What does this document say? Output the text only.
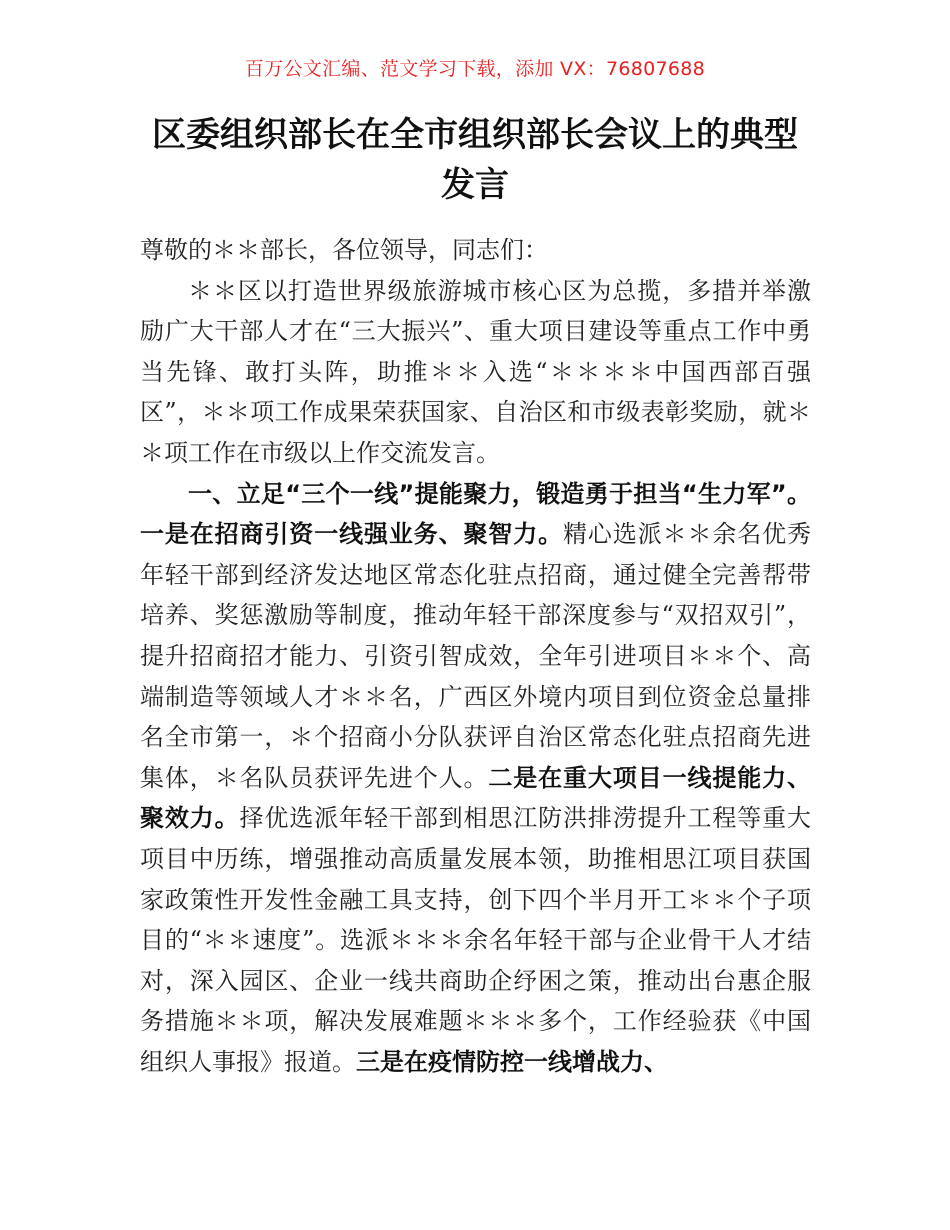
百万公文汇编、范文学习下载，添加 VX：76807688
区委组织部长在全市组织部长会议上的典型发言

尊敬的＊＊部长，各位领导，同志们：

＊＊区以打造世界级旅游城市核心区为总揽，多措并举激励广大干部人才在“三大振兴”、重大项目建设等重点工作中勇当先锋、敢打头阵，助推＊＊入选“＊＊＊＊中国西部百强区”，＊＊项工作成果荣获国家、自治区和市级表彰奖励，就＊＊项工作在市级以上作交流发言。

一、立足“三个一线”提能聚力，锻造勇于担当“生力军”。一是在招商引资一线强业务、聚智力。精心选派＊＊余名优秀年轻干部到经济发达地区常态化驻点招商，通过健全完善帮带培养、奖惩激励等制度，推动年轻干部深度参与“双招双引”，提升招商招才能力、引资引智成效，全年引进项目＊＊个、高端制造等领域人才＊＊名，广西区外境内项目到位资金总量排名全市第一，＊个招商小分队获评自治区常态化驻点招商先进集体，＊名队员获评先进个人。二是在重大项目一线提能力、聚效力。择优选派年轻干部到相思江防洪排涝提升工程等重大项目中历练，增强推动高质量发展本领，助推相思江项目获国家政策性开发性金融工具支持，创下四个半月开工＊＊个子项目的“＊＊速度”。选派＊＊＊余名年轻干部与企业骨干人才结对，深入园区、企业一线共商助企纾困之策，推动出台惠企服务措施＊＊项，解决发展难题＊＊＊多个，工作经验获《中国组织人事报》报道。三是在疫情防控一线增战力、
